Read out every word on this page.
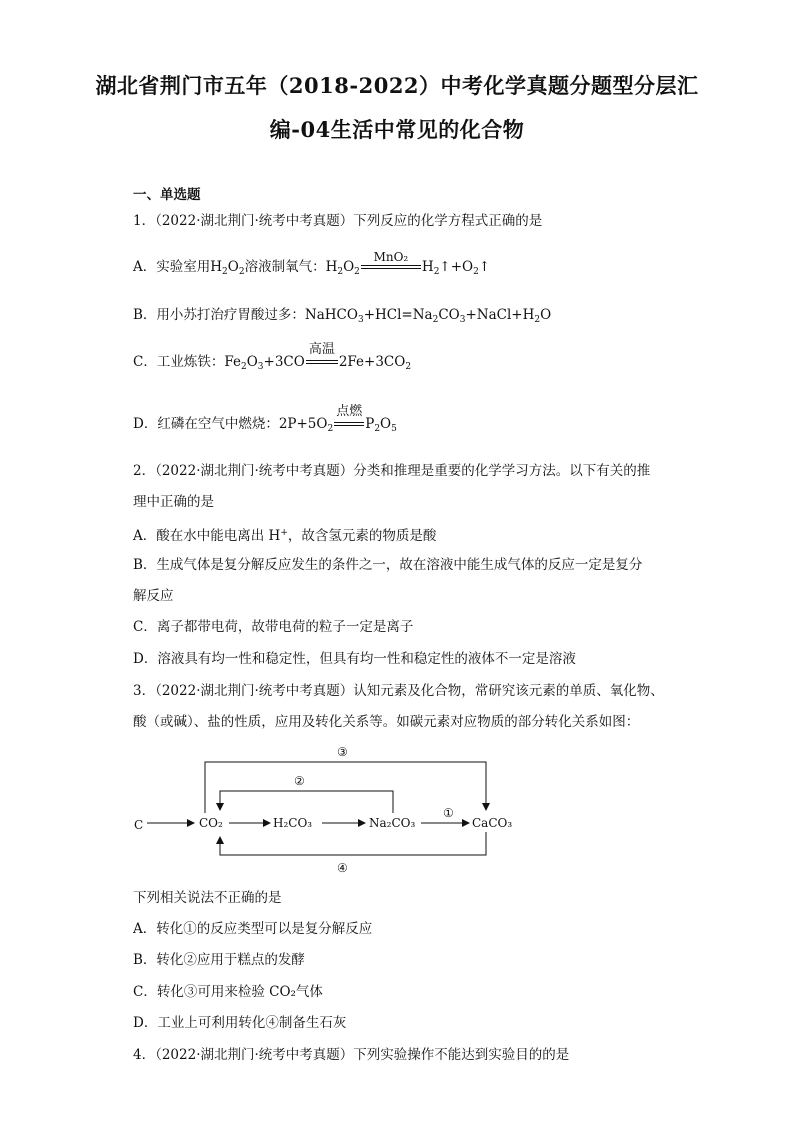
湖北省荆门市五年（2018-2022）中考化学真题分题型分层汇
编-04生活中常见的化合物
一、单选题
1．（2022·湖北荆门·统考中考真题）下列反应的化学方程式正确的是
A．实验室用$H_2O_2$溶液制氧气：$H_2O_2$
MnO₂
$H_2↑+O_2↑$
B．用小苏打治疗胃酸过多：$NaHCO_3+HCl=Na_2CO_3+NaCl+H_2O$
C．工业炼铁：$Fe_2O_3+3CO$
高温
$2Fe+3CO_2$
D．红磷在空气中燃烧：$2P+5O_2$
点燃
$P_2O_5$
2．（2022·湖北荆门·统考中考真题）分类和推理是重要的化学学习方法。以下有关的推
理中正确的是
A．酸在水中能电离出 H+，故含氢元素的物质是酸
B．生成气体是复分解反应发生的条件之一，故在溶液中能生成气体的反应一定是复分
解反应
C．离子都带电荷，故带电荷的粒子一定是离子
D．溶液具有均一性和稳定性，但具有均一性和稳定性的液体不一定是溶液
3．（2022·湖北荆门·统考中考真题）认知元素及化合物，常研究该元素的单质、氧化物、
酸（或碱）、盐的性质，应用及转化关系等。如碳元素对应物质的部分转化关系如图：
C	CO₂	H₂CO₃	Na₂CO₃	CaCO₃
①
②
③
④
下列相关说法不正确的是
A．转化①的反应类型可以是复分解反应
B．转化②应用于糕点的发酵
C．转化③可用来检验 CO₂气体
D．工业上可利用转化④制备生石灰
4．（2022·湖北荆门·统考中考真题）下列实验操作不能达到实验目的的是
